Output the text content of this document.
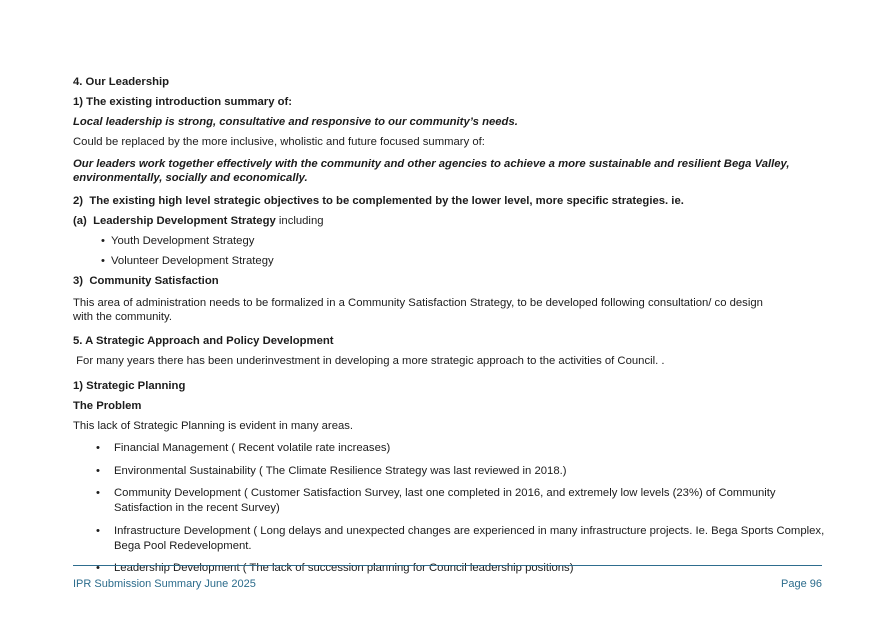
4. Our Leadership
1) The existing introduction summary of:
Local leadership is strong, consultative and responsive to our community’s needs.
Could be replaced by the more inclusive, wholistic and future focused summary of:
Our leaders work together effectively with the community and other agencies to achieve a more sustainable and resilient Bega Valley, environmentally, socially and economically.
2)  The existing high level strategic objectives to be complemented by the lower level, more specific strategies. ie.
(a)  Leadership Development Strategy including
• Youth Development Strategy
• Volunteer Development Strategy
3)  Community Satisfaction
This area of administration needs to be formalized in a Community Satisfaction Strategy, to be developed following consultation/ co design with the community.
5. A Strategic Approach and Policy Development
For many years there has been underinvestment in developing a more strategic approach to the activities of Council. .
1) Strategic Planning
The Problem
This lack of Strategic Planning is evident in many areas.
• Financial Management ( Recent volatile rate increases)
• Environmental Sustainability ( The Climate Resilience Strategy was last reviewed in 2018.)
• Community Development ( Customer Satisfaction Survey, last one completed in 2016, and extremely low levels (23%) of Community Satisfaction in the recent Survey)
• Infrastructure Development ( Long delays and unexpected changes are experienced in many infrastructure projects. Ie. Bega Sports Complex, Bega Pool Redevelopment.
• Leadership Development ( The lack of succession planning for Council leadership positions)
IPR Submission Summary June 2025	Page 96
